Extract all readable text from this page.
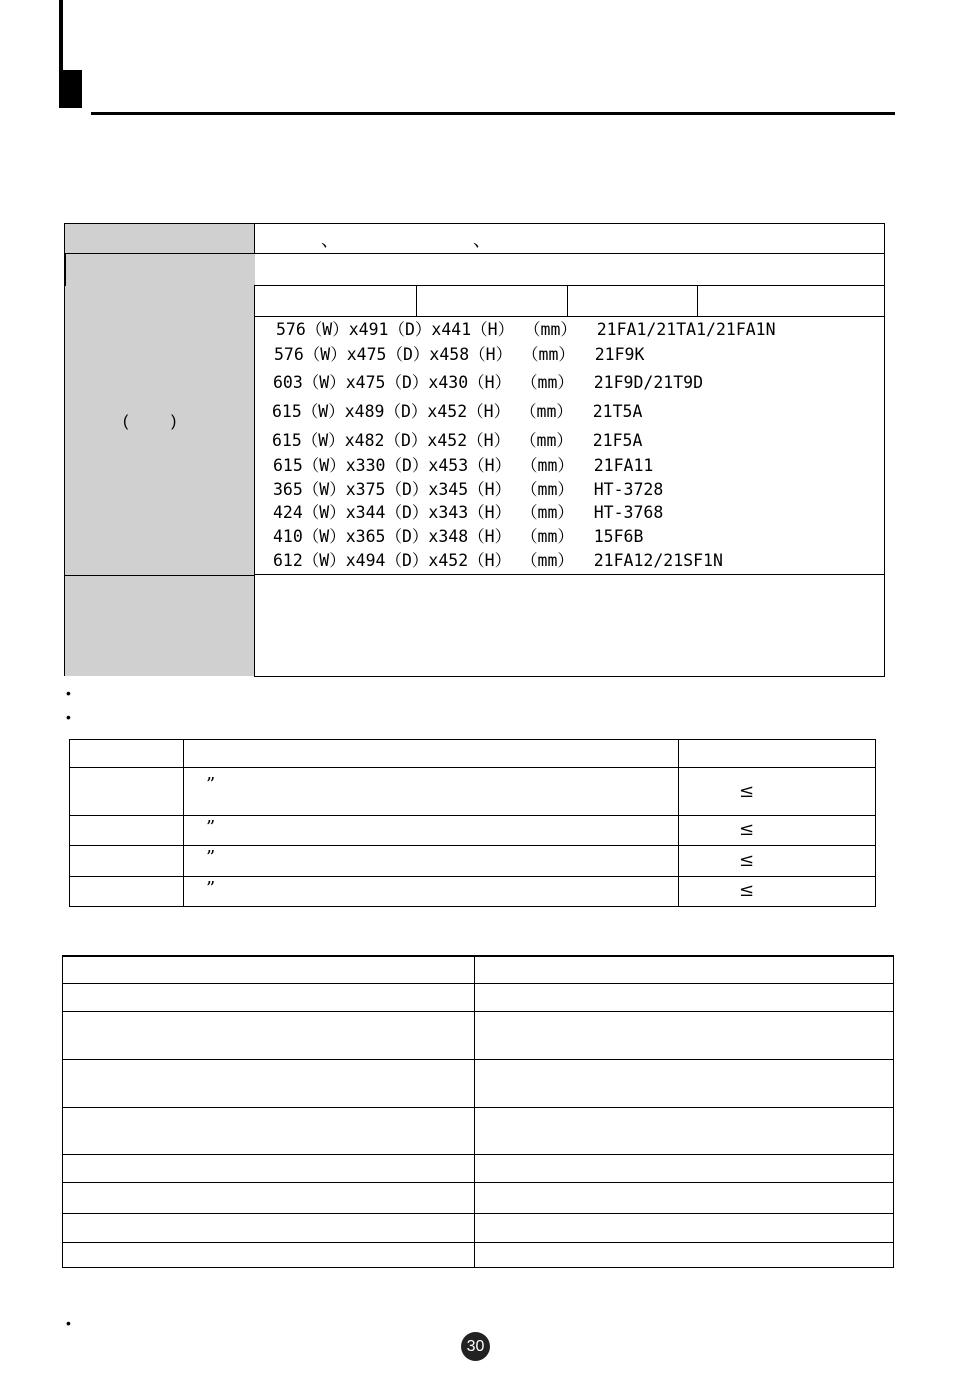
、	、
(	)
576（W）x491（D）x441（H） （mm）  21FA1/21TA1/21FA1N
576（W）x475（D）x458（H） （mm）  21F9K
603（W）x475（D）x430（H） （mm）  21F9D/21T9D
615（W）x489（D）x452（H） （mm）  21T5A
615（W）x482（D）x452（H） （mm）  21F5A
615（W）x330（D）x453（H） （mm）  21FA11
365（W）x375（D）x345（H） （mm）  HT-3728
424（W）x344（D）x343（H） （mm）  HT-3768
410（W）x365（D）x348（H） （mm）  15F6B
612（W）x494（D）x452（H） （mm）  21FA12/21SF1N
•
•

	”	≤

	”	≤

	”	≤

	”	≤

•
30
